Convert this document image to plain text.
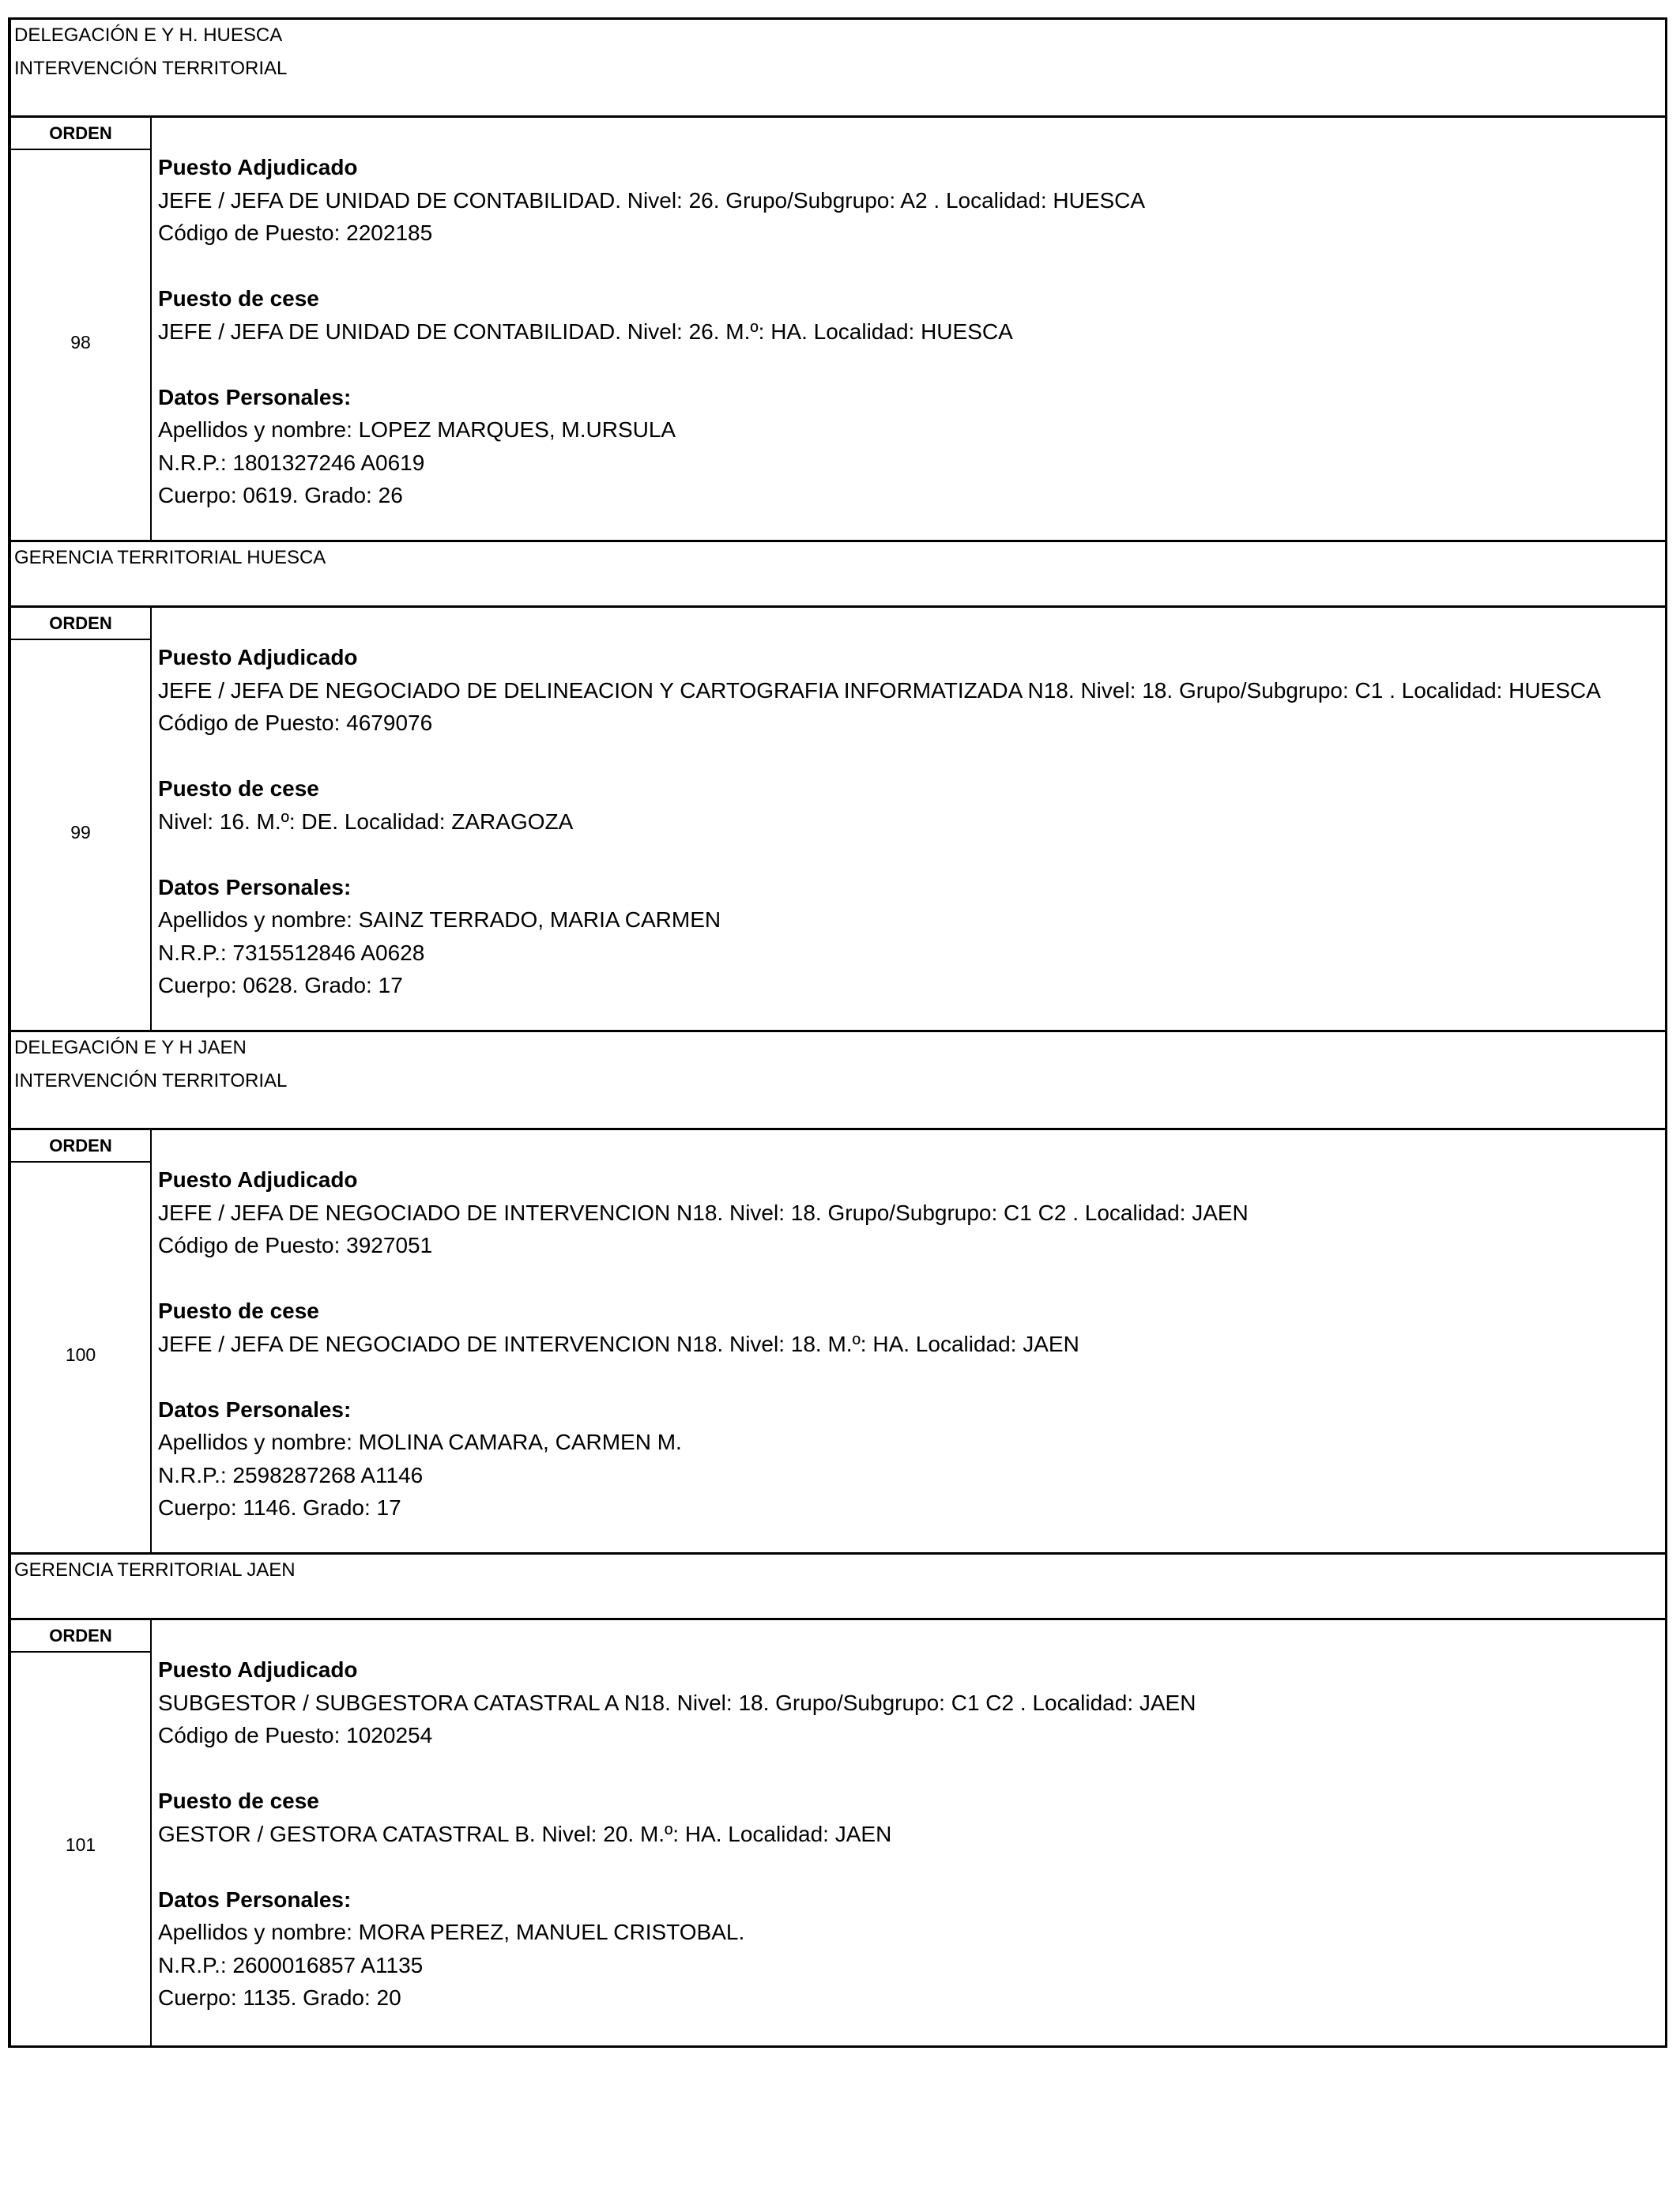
DELEGACIÓN E Y H. HUESCA
INTERVENCIÓN TERRITORIAL
ORDEN
98
Puesto Adjudicado
JEFE / JEFA DE UNIDAD DE CONTABILIDAD. Nivel: 26. Grupo/Subgrupo: A2 . Localidad: HUESCA
Código de Puesto: 2202185
Puesto de cese
JEFE / JEFA DE UNIDAD DE CONTABILIDAD. Nivel: 26. M.º: HA. Localidad: HUESCA
Datos Personales:
Apellidos y nombre: LOPEZ MARQUES, M.URSULA
N.R.P.: 1801327246 A0619
Cuerpo: 0619. Grado: 26
GERENCIA TERRITORIAL HUESCA
ORDEN
99
Puesto Adjudicado
JEFE / JEFA DE NEGOCIADO DE DELINEACION Y CARTOGRAFIA INFORMATIZADA N18. Nivel: 18. Grupo/Subgrupo: C1 . Localidad: HUESCA
Código de Puesto: 4679076
Puesto de cese
Nivel: 16. M.º: DE. Localidad: ZARAGOZA
Datos Personales:
Apellidos y nombre: SAINZ TERRADO, MARIA CARMEN
N.R.P.: 7315512846 A0628
Cuerpo: 0628. Grado: 17
DELEGACIÓN E Y H JAEN
INTERVENCIÓN TERRITORIAL
ORDEN
100
Puesto Adjudicado
JEFE / JEFA DE NEGOCIADO DE INTERVENCION N18. Nivel: 18. Grupo/Subgrupo: C1 C2 . Localidad: JAEN
Código de Puesto: 3927051
Puesto de cese
JEFE / JEFA DE NEGOCIADO DE INTERVENCION N18. Nivel: 18. M.º: HA. Localidad: JAEN
Datos Personales:
Apellidos y nombre: MOLINA CAMARA, CARMEN M.
N.R.P.: 2598287268 A1146
Cuerpo: 1146. Grado: 17
GERENCIA TERRITORIAL JAEN
ORDEN
101
Puesto Adjudicado
SUBGESTOR / SUBGESTORA CATASTRAL A N18. Nivel: 18. Grupo/Subgrupo: C1 C2 . Localidad: JAEN
Código de Puesto: 1020254
Puesto de cese
GESTOR / GESTORA CATASTRAL B. Nivel: 20. M.º: HA. Localidad: JAEN
Datos Personales:
Apellidos y nombre: MORA PEREZ, MANUEL CRISTOBAL.
N.R.P.: 2600016857 A1135
Cuerpo: 1135. Grado: 20
